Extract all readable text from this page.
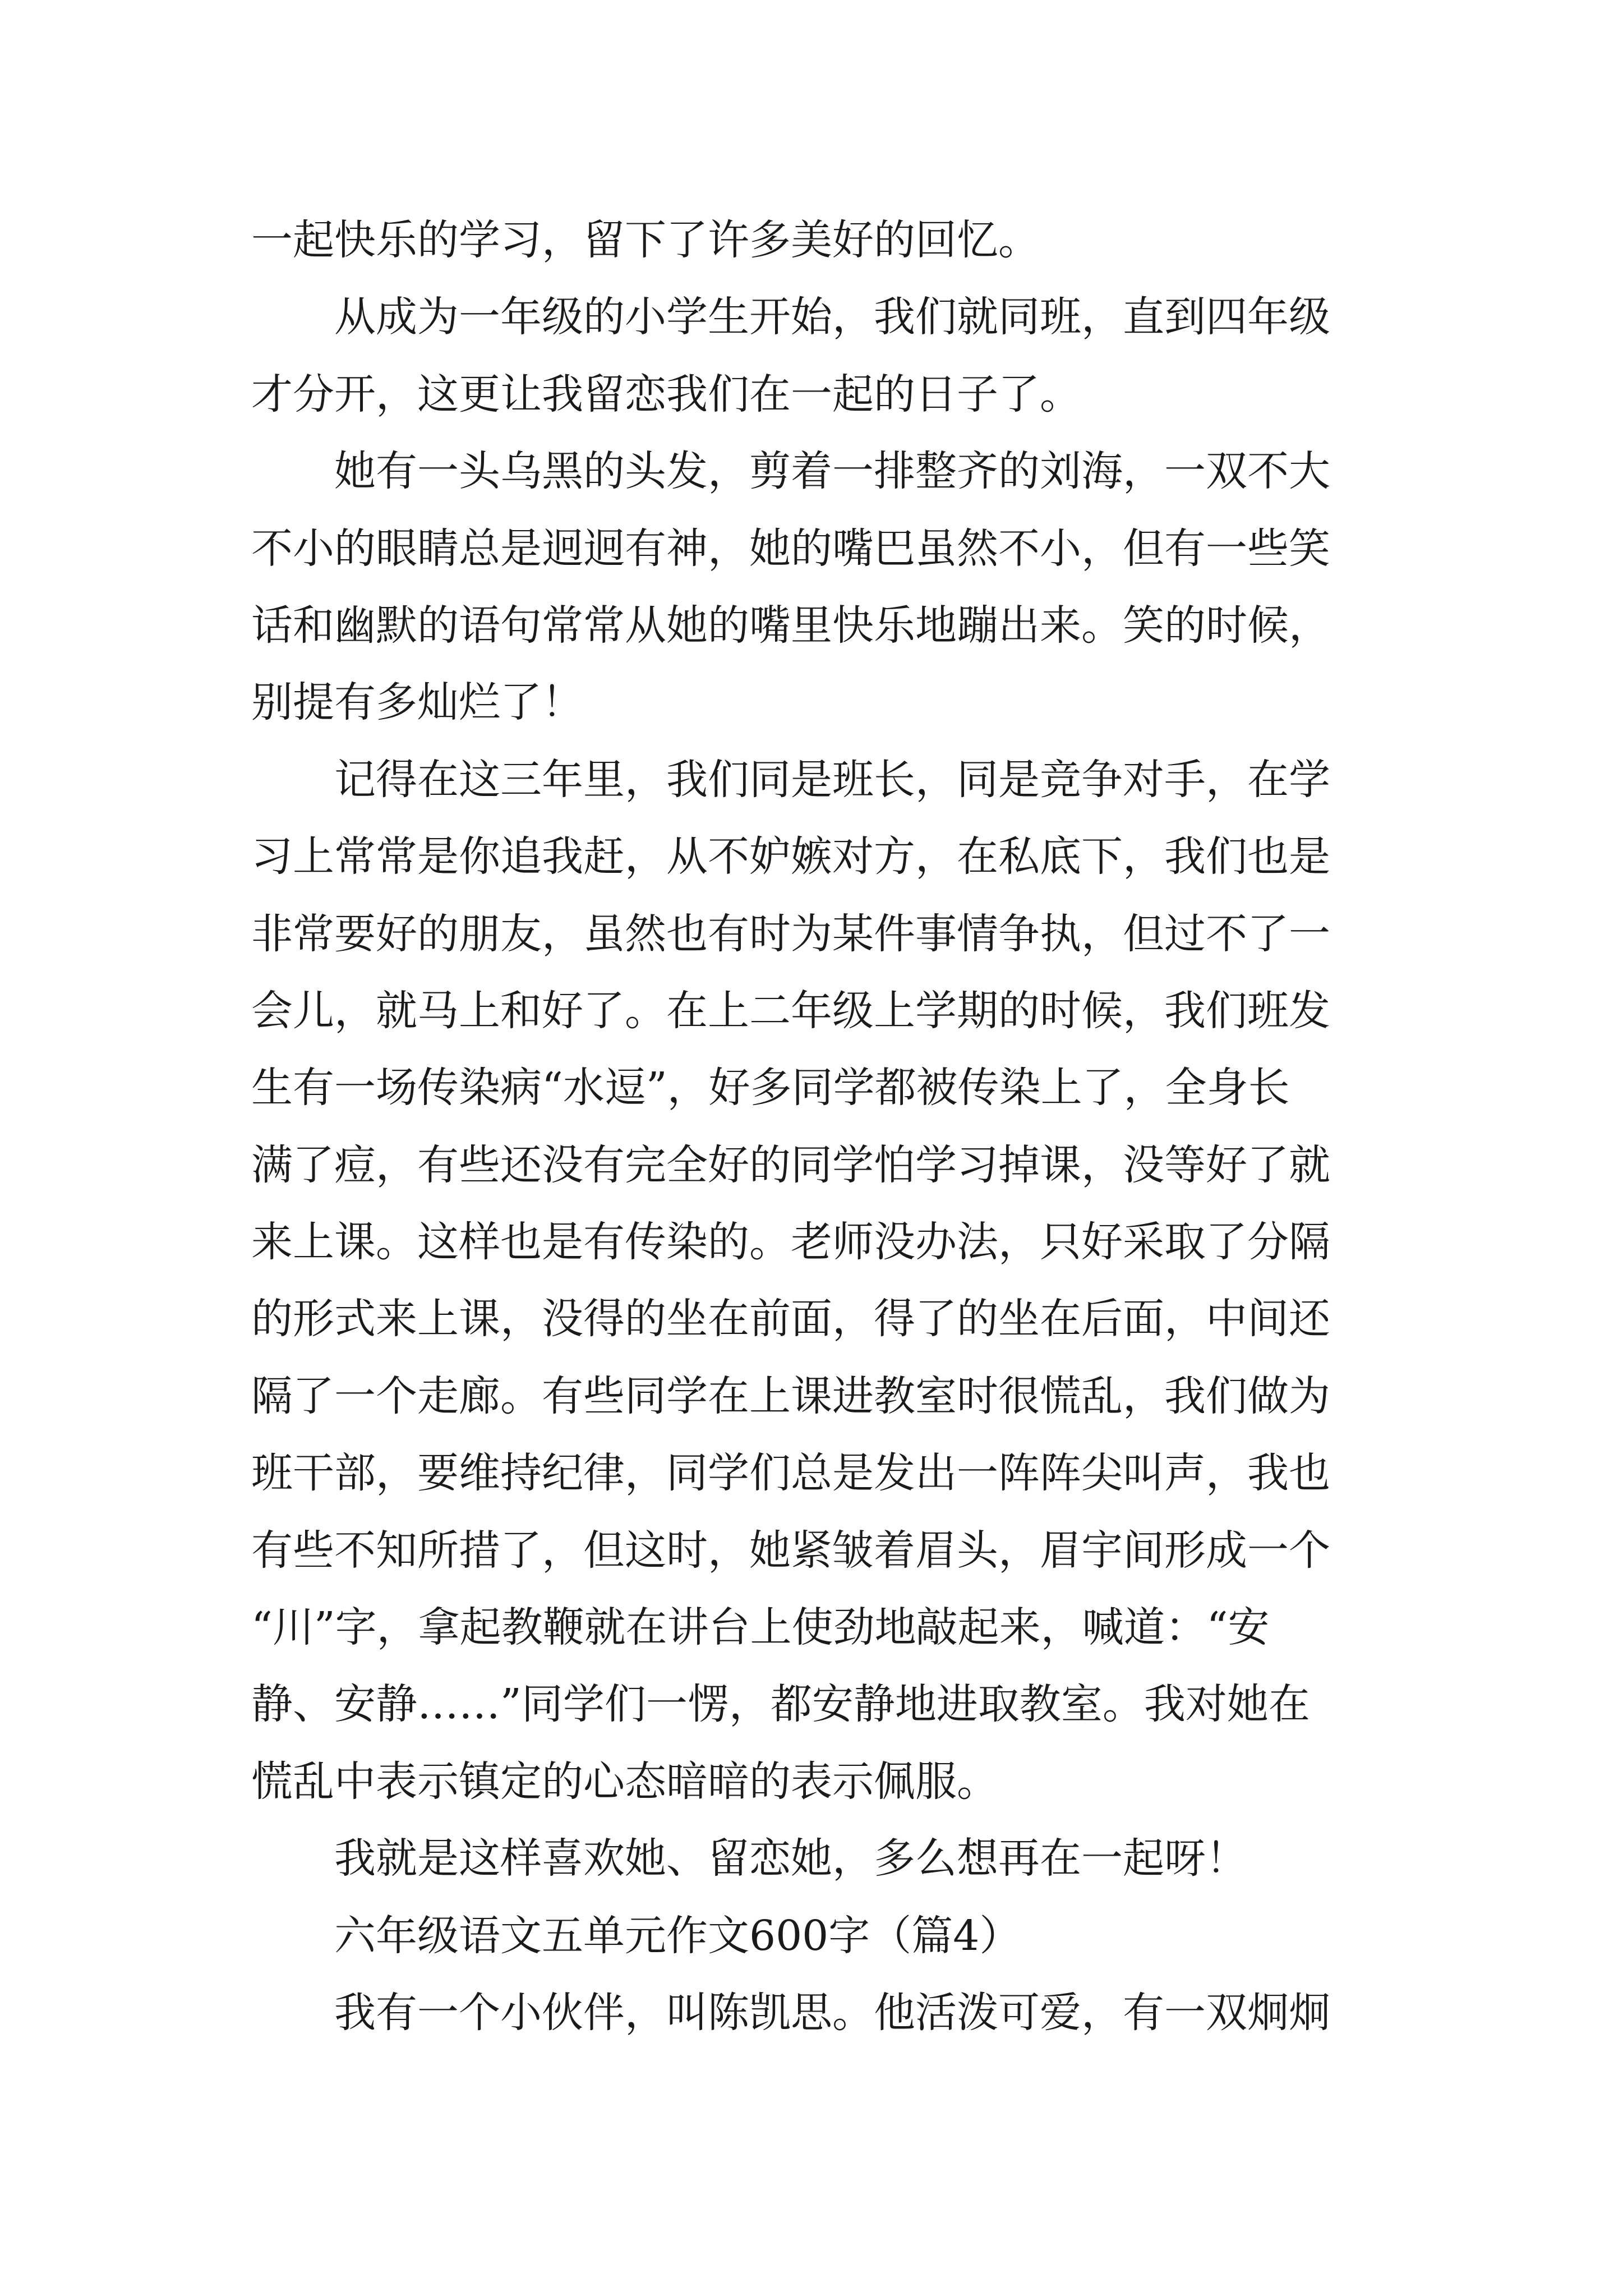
一起快乐的学习，留下了许多美好的回忆。
从成为一年级的小学生开始，我们就同班，直到四年级
才分开，这更让我留恋我们在一起的日子了。
她有一头乌黑的头发，剪着一排整齐的刘海，一双不大
不小的眼睛总是迥迥有神，她的嘴巴虽然不小，但有一些笑
话和幽默的语句常常从她的嘴里快乐地蹦出来。笑的时候，
别提有多灿烂了！
记得在这三年里，我们同是班长，同是竞争对手，在学
习上常常是你追我赶，从不妒嫉对方，在私底下，我们也是
非常要好的朋友，虽然也有时为某件事情争执，但过不了一
会儿，就马上和好了。在上二年级上学期的时候，我们班发
生有一场传染病“水逗”，好多同学都被传染上了，全身长
满了痘，有些还没有完全好的同学怕学习掉课，没等好了就
来上课。这样也是有传染的。老师没办法，只好采取了分隔
的形式来上课，没得的坐在前面，得了的坐在后面，中间还
隔了一个走廊。有些同学在上课进教室时很慌乱，我们做为
班干部，要维持纪律，同学们总是发出一阵阵尖叫声，我也
有些不知所措了，但这时，她紧皱着眉头，眉宇间形成一个
“川”字，拿起教鞭就在讲台上使劲地敲起来，喊道：“安
静、安静……”同学们一愣，都安静地进取教室。我对她在
慌乱中表示镇定的心态暗暗的表示佩服。
我就是这样喜欢她、留恋她，多么想再在一起呀！
六年级语文五单元作文600字（篇4）
我有一个小伙伴，叫陈凯思。他活泼可爱，有一双炯炯
